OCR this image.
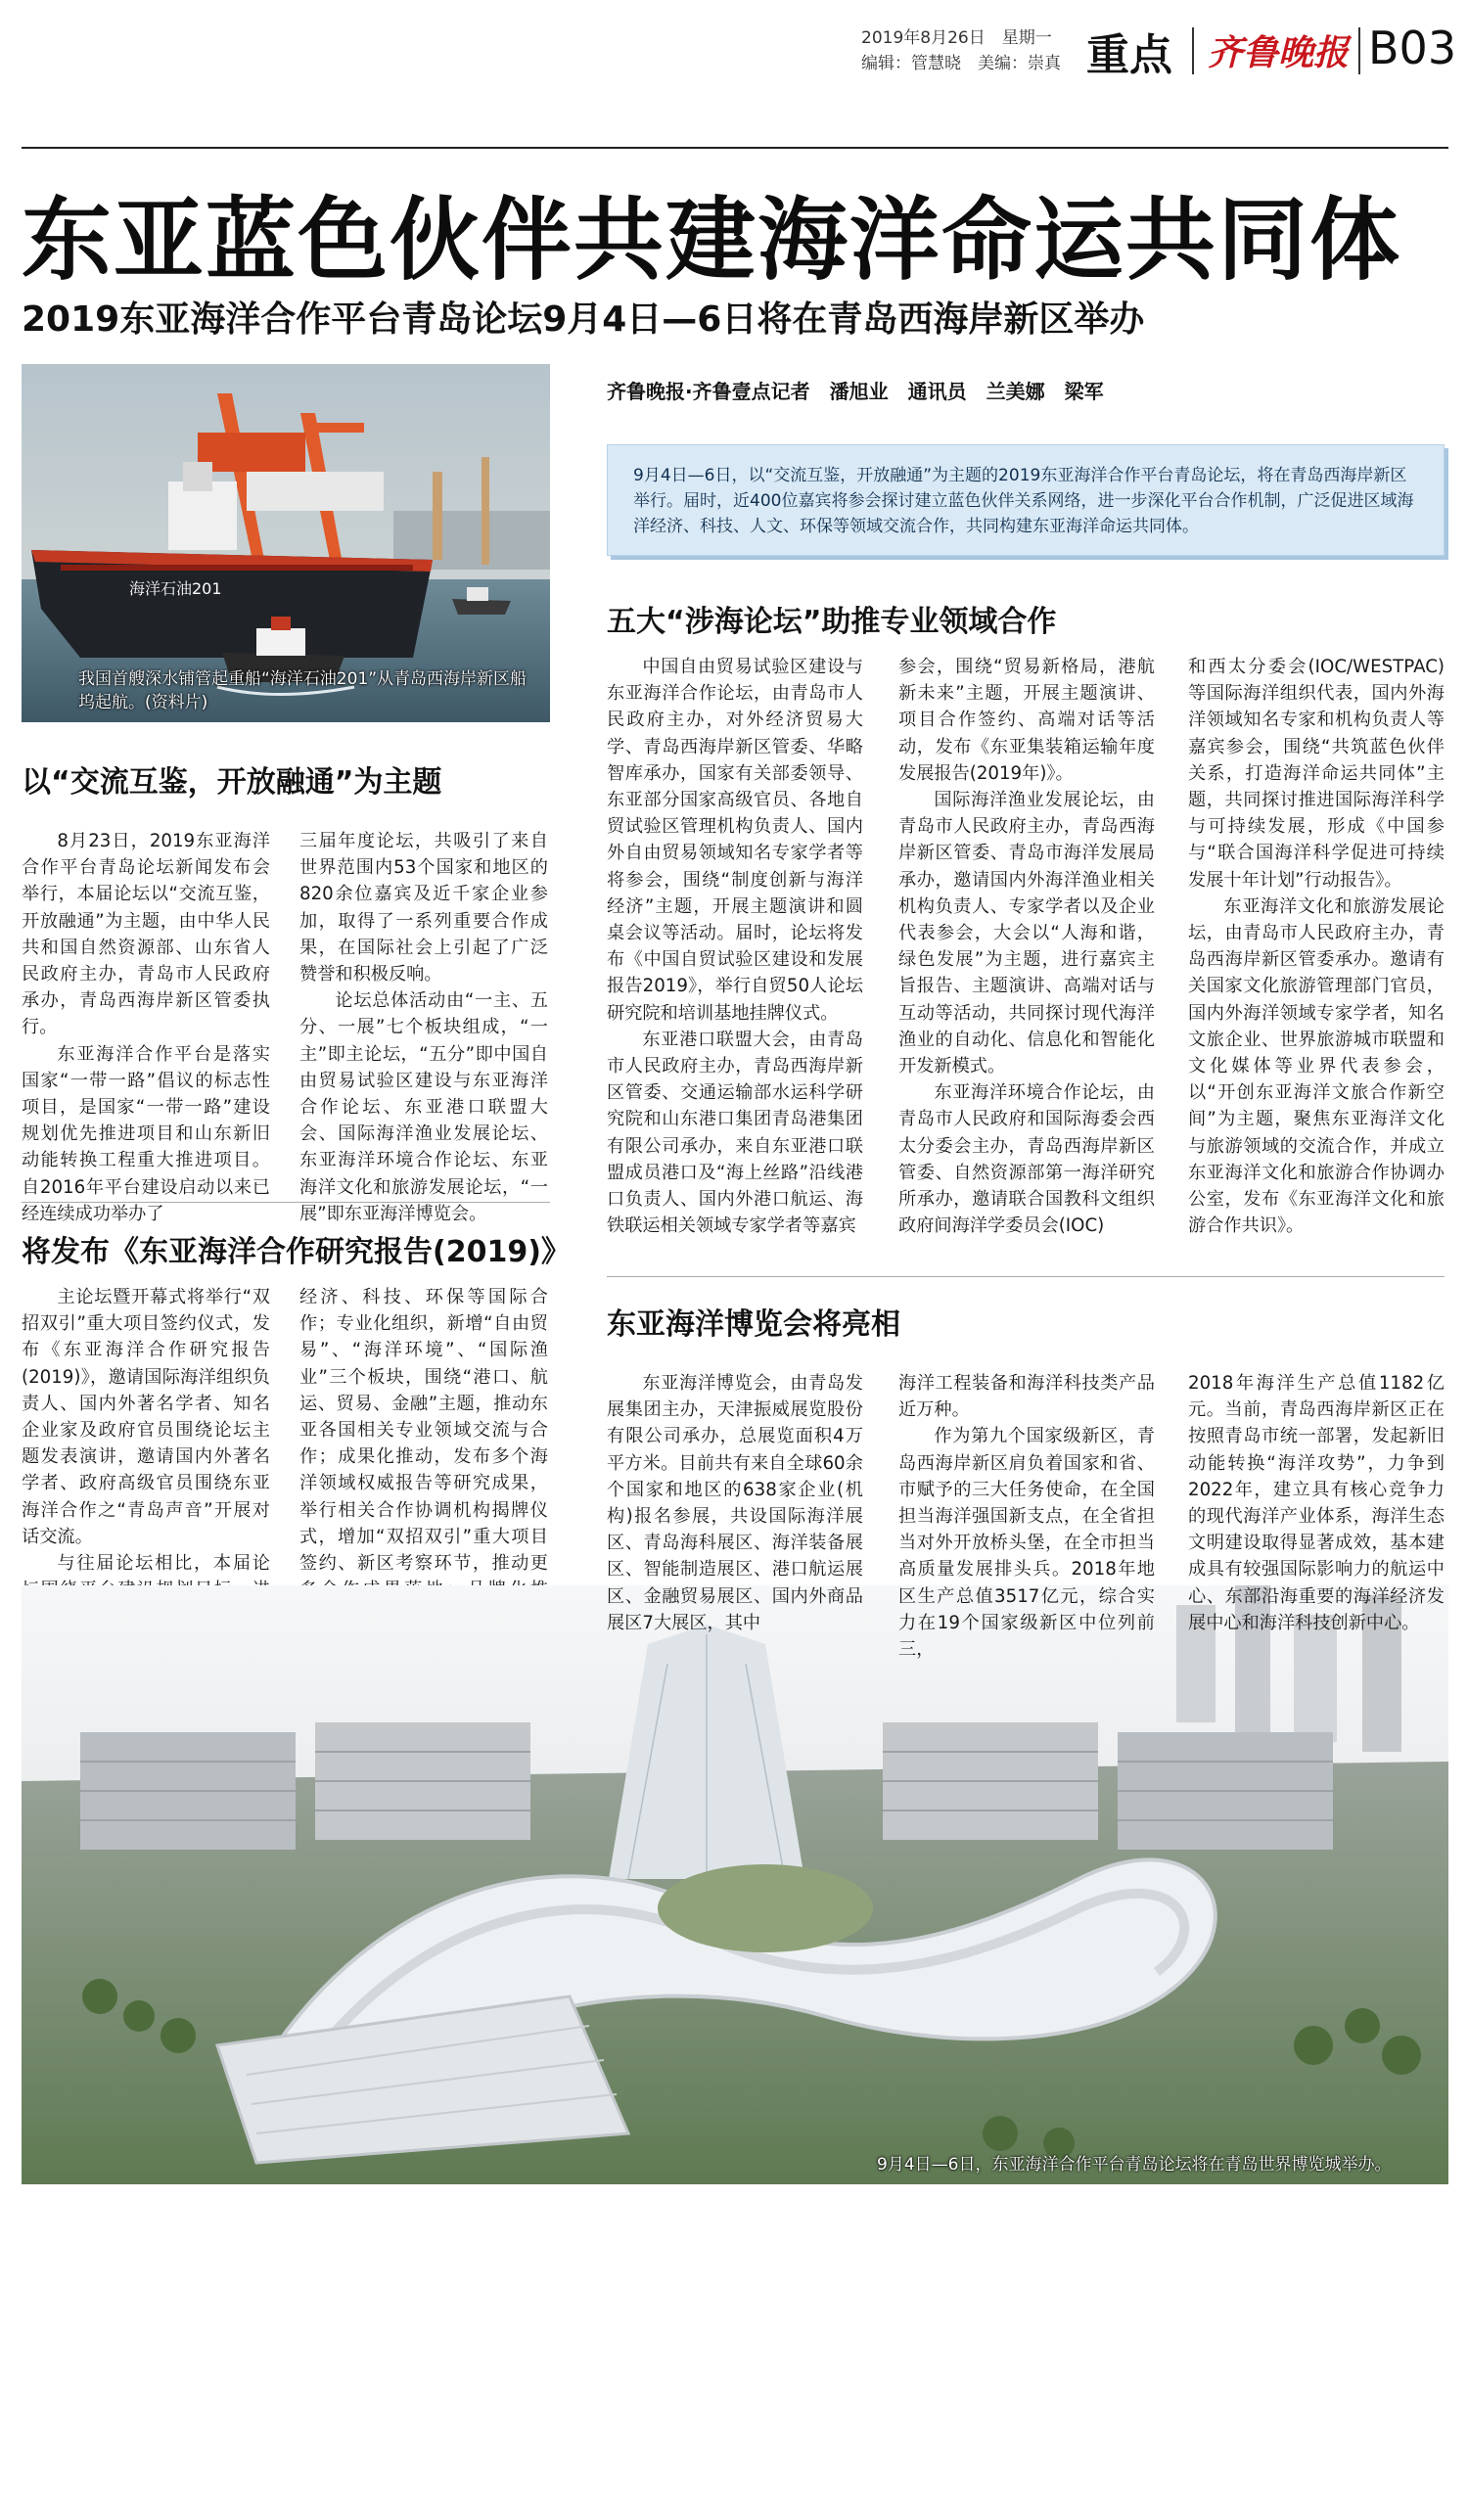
2019年8月26日　星期一
编辑：管慧晓　美编：崇真 重点 齐鲁晚报 B03
东亚蓝色伙伴共建海洋命运共同体
2019东亚海洋合作平台青岛论坛9月4日—6日将在青岛西海岸新区举办
海洋石油201
我国首艘深水铺管起重船“海洋石油201”从青岛西海岸新区船坞起航。(资料片)
齐鲁晚报·齐鲁壹点记者　潘旭业　通讯员　兰美娜　梁军
9月4日—6日，以“交流互鉴，开放融通”为主题的2019东亚海洋合作平台青岛论坛，将在青岛西海岸新区举行。届时，近400位嘉宾将参会探讨建立蓝色伙伴关系网络，进一步深化平台合作机制，广泛促进区域海洋经济、科技、人文、环保等领域交流合作，共同构建东亚海洋命运共同体。
以“交流互鉴，开放融通”为主题

8月23日，2019东亚海洋合作平台青岛论坛新闻发布会举行，本届论坛以“交流互鉴，开放融通”为主题，由中华人民共和国自然资源部、山东省人民政府主办，青岛市人民政府承办，青岛西海岸新区管委执行。

东亚海洋合作平台是落实国家“一带一路”倡议的标志性项目，是国家“一带一路”建设规划优先推进项目和山东新旧动能转换工程重大推进项目。自2016年平台建设启动以来已经连续成功举办了

三届年度论坛，共吸引了来自世界范围内53个国家和地区的820余位嘉宾及近千家企业参加，取得了一系列重要合作成果，在国际社会上引起了广泛赞誉和积极反响。

论坛总体活动由“一主、五分、一展”七个板块组成，“一主”即主论坛，“五分”即中国自由贸易试验区建设与东亚海洋合作论坛、东亚港口联盟大会、国际海洋渔业发展论坛、东亚海洋环境合作论坛、东亚海洋文化和旅游发展论坛，“一展”即东亚海洋博览会。

将发布《东亚海洋合作研究报告(2019)》

主论坛暨开幕式将举行“双招双引”重大项目签约仪式，发布《东亚海洋合作研究报告(2019)》，邀请国际海洋组织负责人、国内外著名学者、知名企业家及政府官员围绕论坛主题发表演讲，邀请国内外著名学者、政府高级官员围绕东亚海洋合作之“青岛声音”开展对话交流。

与往届论坛相比，本届论

经济、科技、环保等国际合作；专业化组织，新增“自由贸易”、“海洋环境”、“国际渔业”三个板块，围绕“港口、航运、贸易、金融”主题，推动东亚各国相关专业领域交流与合作；成果化推动，发布多个海洋领域权威报告等研究成果，举行相关合作协调机构揭牌仪式，增加“双招双引”重大项目签约、新区考察环节，推动更

五大“涉海论坛”助推专业领域合作

中国自由贸易试验区建设与东亚海洋合作论坛，由青岛市人民政府主办，对外经济贸易大学、青岛西海岸新区管委、华略智库承办，国家有关部委领导、东亚部分国家高级官员、各地自贸试验区管理机构负责人、国内外自由贸易领域知名专家学者等将参会，围绕“制度创新与海洋经济”主题，开展主题演讲和圆桌会议等活动。届时，论坛将发布《中国自贸试验区建设和发展报告2019》，举行自贸50人论坛研究院和培训基地挂牌仪式。

东亚港口联盟大会，由青岛市人民政府主办，青岛西海岸新区管委、交通运输部水运科学研究院和山东港口集团青岛港集团有限公司承办，来自东亚港口联盟成员港口及“海上丝路”沿线港口负责人、国内外港口航运、海铁联运相关领域专家学者等嘉宾

参会，围绕“贸易新格局，港航新未来”主题，开展主题演讲、项目合作签约、高端对话等活动，发布《东亚集装箱运输年度发展报告(2019年)》。

国际海洋渔业发展论坛，由青岛市人民政府主办，青岛西海岸新区管委、青岛市海洋发展局承办，邀请国内外海洋渔业相关机构负责人、专家学者以及企业代表参会，大会以“人海和谐，绿色发展”为主题，进行嘉宾主旨报告、主题演讲、高端对话与互动等活动，共同探讨现代海洋渔业的自动化、信息化和智能化开发新模式。

东亚海洋环境合作论坛，由青岛市人民政府和国际海委会西太分委会主办，青岛西海岸新区管委、自然资源部第一海洋研究所承办，邀请联合国教科文组织政府间海洋学委员会(IOC)

和西太分委会(IOC/WESTPAC)等国际海洋组织代表，国内外海洋领域知名专家和机构负责人等嘉宾参会，围绕“共筑蓝色伙伴关系，打造海洋命运共同体”主题，共同探讨推进国际海洋科学与可持续发展，形成《中国参与“联合国海洋科学促进可持续发展十年计划”行动报告》。

东亚海洋文化和旅游发展论坛，由青岛市人民政府主办，青岛西海岸新区管委承办。邀请有关国家文化旅游管理部门官员，国内外海洋领域专家学者，知名文旅企业、世界旅游城市联盟和文化媒体等业界代表参会，以“开创东亚海洋文旅合作新空间”为主题，聚焦东亚海洋文化与旅游领域的交流合作，并成立东亚海洋文化和旅游合作协调办公室，发布《东亚海洋文化和旅游合作共识》。

9月4日—6日，东亚海洋合作平台青岛论坛将在青岛世界博览城举办。
东亚海洋博览会将亮相

东亚海洋博览会，由青岛发展集团主办，天津振威展览股份有限公司承办，总展览面积4万平方米。目前共有来自全球60余个国家和地区的638家企业(机构)报名参展，共设国际海洋展区、青岛海科展区、海洋装备展区、智能制造展区、港口航运展区、金融贸易展区、国内外商品展区7大展区，其中

海洋工程装备和海洋科技类产品近万种。

作为第九个国家级新区，青岛西海岸新区肩负着国家和省、市赋予的三大任务使命，在全国担当海洋强国新支点，在全省担当对外开放桥头堡，在全市担当高质量发展排头兵。2018年地区生产总值3517亿元，综合实力在19个国家级新区中位列前三，

2018年海洋生产总值1182亿元。当前，青岛西海岸新区正在按照青岛市统一部署，发起新旧动能转换“海洋攻势”，力争到2022年，建立具有核心竞争力的现代海洋产业体系，海洋生态文明建设取得显著成效，基本建成具有较强国际影响力的航运中心、东部沿海重要的海洋经济发展中心和海洋科技创新中心。
